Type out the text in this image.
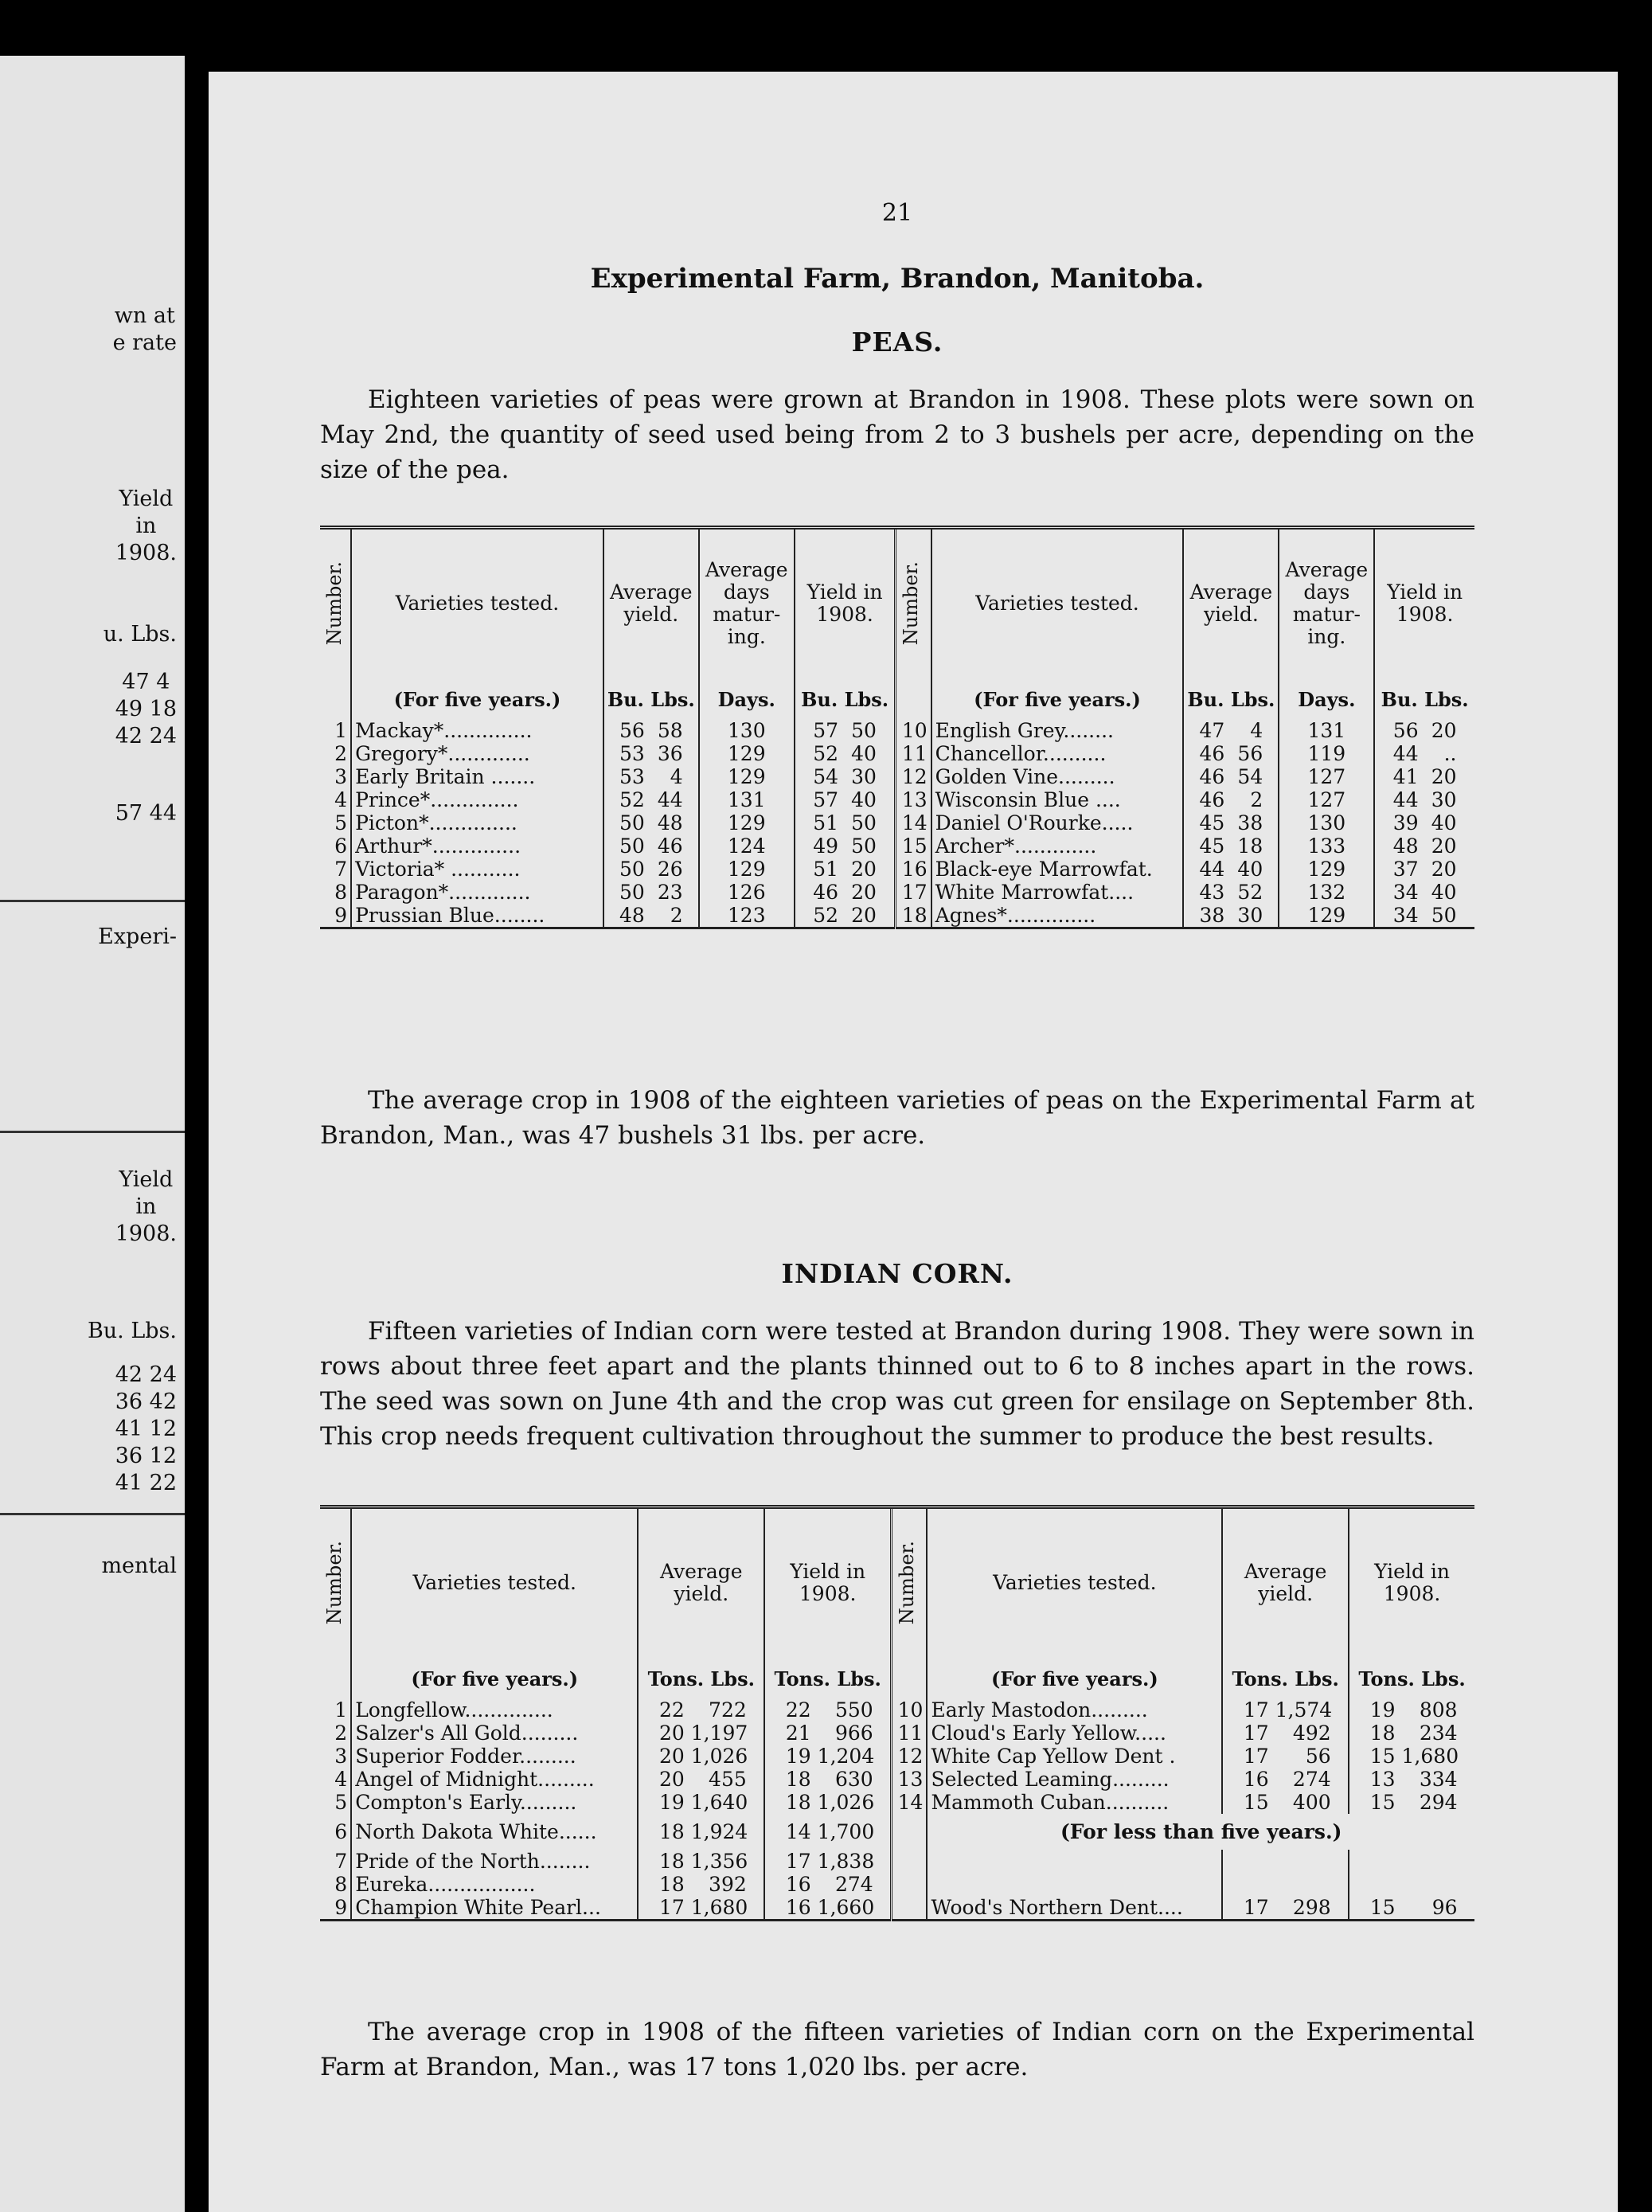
wn at
e rate
Yield
in
1908.
u. Lbs.
47 4
49 18
42 24
57 44
Experi-
Yield
in
1908.
Bu. Lbs.
42 24
36 42
41 12
36 12
41 22
mental
21
Experimental Farm, Brandon, Manitoba.
PEAS.

Eighteen varieties of peas were grown at Brandon in 1908. These plots were sown on May 2nd, the quantity of seed used being from 2 to 3 bushels per acre, depending on the size of the pea.

Number.	Varieties tested.	Average yield.	Average days matur-ing.	Yield in 1908.	Number.	Varieties tested.	Average yield.	Average days matur-ing.	Yield in 1908.
	(For five years.)	Bu. Lbs.	Days.	Bu. Lbs.		(For five years.)	Bu. Lbs.	Days.	Bu. Lbs.
1	Mackay*..............	56 58	130	57 50	10	English Grey........	47 4	131	56 20
2	Gregory*.............	53 36	129	52 40	11	Chancellor..........	46 56	119	44 ..
3	Early Britain .......	53 4	129	54 30	12	Golden Vine.........	46 54	127	41 20
4	Prince*..............	52 44	131	57 40	13	Wisconsin Blue ....	46 2	127	44 30
5	Picton*..............	50 48	129	51 50	14	Daniel O'Rourke.....	45 38	130	39 40
6	Arthur*..............	50 46	124	49 50	15	Archer*.............	45 18	133	48 20
7	Victoria* ...........	50 26	129	51 20	16	Black-eye Marrowfat.	44 40	129	37 20
8	Paragon*.............	50 23	126	46 20	17	White Marrowfat....	43 52	132	34 40
9	Prussian Blue........	48 2	123	52 20	18	Agnes*..............	38 30	129	34 50

The average crop in 1908 of the eighteen varieties of peas on the Experimental Farm at Brandon, Man., was 47 bushels 31 lbs. per acre.

INDIAN CORN.

Fifteen varieties of Indian corn were tested at Brandon during 1908. They were sown in rows about three feet apart and the plants thinned out to 6 to 8 inches apart in the rows. The seed was sown on June 4th and the crop was cut green for ensilage on September 8th. This crop needs frequent cultivation throughout the summer to produce the best results.

Number.	Varieties tested.	Average yield.	Yield in 1908.	Number.	Varieties tested.	Average yield.	Yield in 1908.
	(For five years.)	Tons. Lbs.	Tons. Lbs.		(For five years.)	Tons. Lbs.	Tons. Lbs.
1	Longfellow..............	22 722	22 550	10	Early Mastodon.........	17 1,574	19 808
2	Salzer's All Gold.........	20 1,197	21 966	11	Cloud's Early Yellow.....	17 492	18 234
3	Superior Fodder.........	20 1,026	19 1,204	12	White Cap Yellow Dent .	17 56	15 1,680
4	Angel of Midnight.........	20 455	18 630	13	Selected Leaming.........	16 274	13 334
5	Compton's Early.........	19 1,640	18 1,026	14	Mammoth Cuban..........	15 400	15 294
6	North Dakota White......	18 1,924	14 1,700		(For less than five years.)		
7	Pride of the North........	18 1,356	17 1,838				
8	Eureka.................	18 392	16 274				
9	Champion White Pearl...	17 1,680	16 1,660		Wood's Northern Dent....	17 298	15 96

The average crop in 1908 of the fifteen varieties of Indian corn on the Experimental Farm at Brandon, Man., was 17 tons 1,020 lbs. per acre.
